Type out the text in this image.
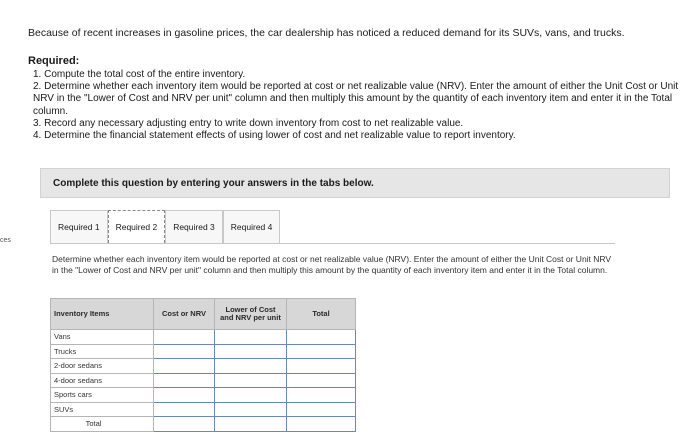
Because of recent increases in gasoline prices, the car dealership has noticed a reduced demand for its SUVs, vans, and trucks.
Required:
1. Compute the total cost of the entire inventory.
2. Determine whether each inventory item would be reported at cost or net realizable value (NRV). Enter the amount of either the Unit Cost or Unit NRV in the "Lower of Cost and NRV per unit" column and then multiply this amount by the quantity of each inventory item and enter it in the Total column.
3. Record any necessary adjusting entry to write down inventory from cost to net realizable value.
4. Determine the financial statement effects of using lower of cost and net realizable value to report inventory.
ces
Complete this question by entering your answers in the tabs below.
Required 1	Required 2	Required 3	Required 4
Determine whether each inventory item would be reported at cost or net realizable value (NRV). Enter the amount of either the Unit Cost or Unit NRV in the "Lower of Cost and NRV per unit" column and then multiply this amount by the quantity of each inventory item and enter it in the Total column.
Inventory Items	Cost or NRV	Lower of Cost and NRV per unit	Total
Vans			
Trucks			
2-door sedans			
4-door sedans			
Sports cars			
SUVs			
Total			
